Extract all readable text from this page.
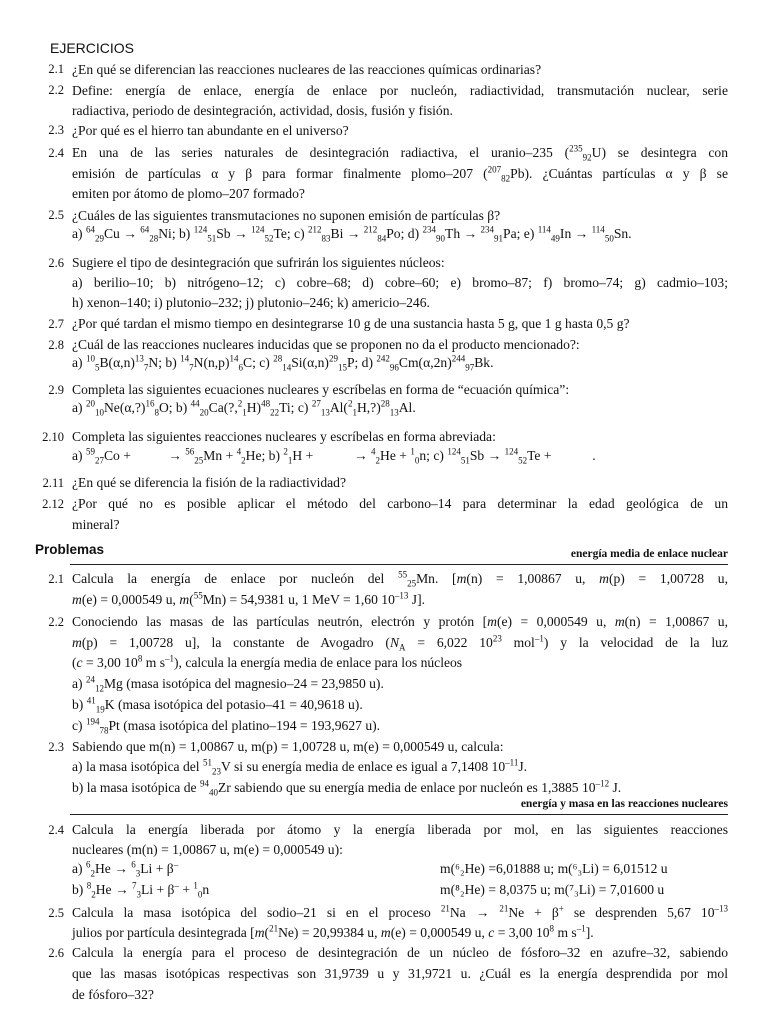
EJERCICIOS
2.1 ¿En qué se diferencian las reacciones nucleares de las reacciones químicas ordinarias?
2.2 Define: energía de enlace, energía de enlace por nucleón, radiactividad, transmutación nuclear, serie
radiactiva, periodo de desintegración, actividad, dosis, fusión y fisión.
2.3 ¿Por qué es el hierro tan abundante en el universo?
2.4 En una de las series naturales de desintegración radiactiva, el uranio–235 ($^{235}_{92}$U) se desintegra con
emisión de partículas α y β para formar finalmente plomo–207 ($^{207}_{82}$Pb). ¿Cuántas partículas α y β se
emiten por átomo de plomo–207 formado?
2.5 ¿Cuáles de las siguientes transmutaciones no suponen emisión de partículas β?
a) $^{64}_{29}$Cu → $^{64}_{28}$Ni; b) $^{124}_{51}$Sb → $^{124}_{52}$Te; c) $^{212}_{83}$Bi → $^{212}_{84}$Po; d) $^{234}_{90}$Th → $^{234}_{91}$Pa; e) $^{114}_{49}$In → $^{114}_{50}$Sn.
2.6 Sugiere el tipo de desintegración que sufrirán los siguientes núcleos:
a) berilio–10; b) nitrógeno–12; c) cobre–68; d) cobre–60; e) bromo–87; f) bromo–74; g) cadmio–103;
h) xenon–140; i) plutonio–232; j) plutonio–246; k) americio–246.
2.7 ¿Por qué tardan el mismo tiempo en desintegrarse 10 g de una sustancia hasta 5 g, que 1 g hasta 0,5 g?
2.8 ¿Cuál de las reacciones nucleares inducidas que se proponen no da el producto mencionado?:
a) $^{10}_5B(\alpha,n)^{13}_7N$; b) $^{14}_7N(n,p)^{14}_6C$; c) $^{28}_{14}Si(\alpha,n)^{29}_{15}P$; d) $^{242}_{96}Cm(\alpha,2n)^{244}_{97}Bk$.
2.9 Completa las siguientes ecuaciones nucleares y escríbelas en forma de “ecuación química”:
a) $^{20}_{10}$Ne(α,?)$^{16}_8$O; b) $^{44}_{20}$Ca(?,$^2_1$H)$^{48}_{22}$Ti; c) $^{27}_{13}$Al($^2_1$H,?)$^{28}_{13}$Al.
2.10 Completa las siguientes reacciones nucleares y escríbelas en forma abreviada:
a) $^{59}_{27}$Co +           → $^{56}_{25}$Mn + $^4_2$He; b) $^2_1$H +            → $^4_2$He + $^1_0$n; c) $^{124}_{51}$Sb → $^{124}_{52}$Te +            .
2.11 ¿En qué se diferencia la fisión de la radiactividad?
2.12 ¿Por qué no es posible aplicar el método del carbono–14 para determinar la edad geológica de un
mineral?
Problemas	energía media de enlace nuclear
2.1 Calcula la energía de enlace por nucleón del $^{55}_{25}$Mn. [m(n) = 1,00867 u, m(p) = 1,00728 u,
m(e) = 0,000549 u, m($^{55}$Mn) = 54,9381 u, 1 MeV = 1,60 $10^{-13}$ J].
2.2 Conociendo las masas de las partículas neutrón, electrón y protón [m(e) = 0,000549 u, m(n) = 1,00867 u,
m(p) = 1,00728 u], la constante de Avogadro ($N_A = 6,022$ $10^{23}$ mol$^{-1}$) y la velocidad de la luz
(c = 3,00 $10^8$ m $s^{-1}$), calcula la energía media de enlace para los núcleos
a) $^{24}_{12}$Mg (masa isotópica del magnesio–24 = 23,9850 u).
b) $^{41}_{19}$K (masa isotópica del potasio–41 = 40,9618 u).
c) $^{194}_{78}$Pt (masa isotópica del platino–194 = 193,9627 u).
2.3 Sabiendo que m(n) = 1,00867 u, m(p) = 1,00728 u, m(e) = 0,000549 u, calcula:
a) la masa isotópica del $^{51}_{23}$V si su energía media de enlace es igual a 7,1408 $10^{-11}J$.
b) la masa isotópica de $^{94}_{40}$Zr sabiendo que su energía media de enlace por nucleón es 1,3885 $10^{-12}$ J.
energía y masa en las reacciones nucleares
2.4 Calcula la energía liberada por átomo y la energía liberada por mol, en las siguientes reacciones
nucleares (m(n) = 1,00867 u, m(e) = 0,000549 u):
a) $^6_2$He → $^6_3$Li + β–	m(⁶₂He) =6,01888 u; m(⁶₃Li) = 6,01512 u
b) $^8_2$He → $^7_3$Li + β– + $^1_0$n	m(⁸₂He) = 8,0375 u; m(⁷₃Li) = 7,01600 u
2.5 Calcula la masa isotópica del sodio–21 si en el proceso $^{21}$Na → $^{21}$Ne + β+ se desprenden 5,67 $10^{-13}$
julios por partícula desintegrada [m($^{21}$Ne) = 20,99384 u, m(e) = 0,000549 u, c = 3,00 $10^8$ m $s^{-1}$].
2.6 Calcula la energía para el proceso de desintegración de un núcleo de fósforo–32 en azufre–32, sabiendo
que las masas isotópicas respectivas son 31,9739 u y 31,9721 u. ¿Cuál es la energía desprendida por mol
de fósforo–32?
